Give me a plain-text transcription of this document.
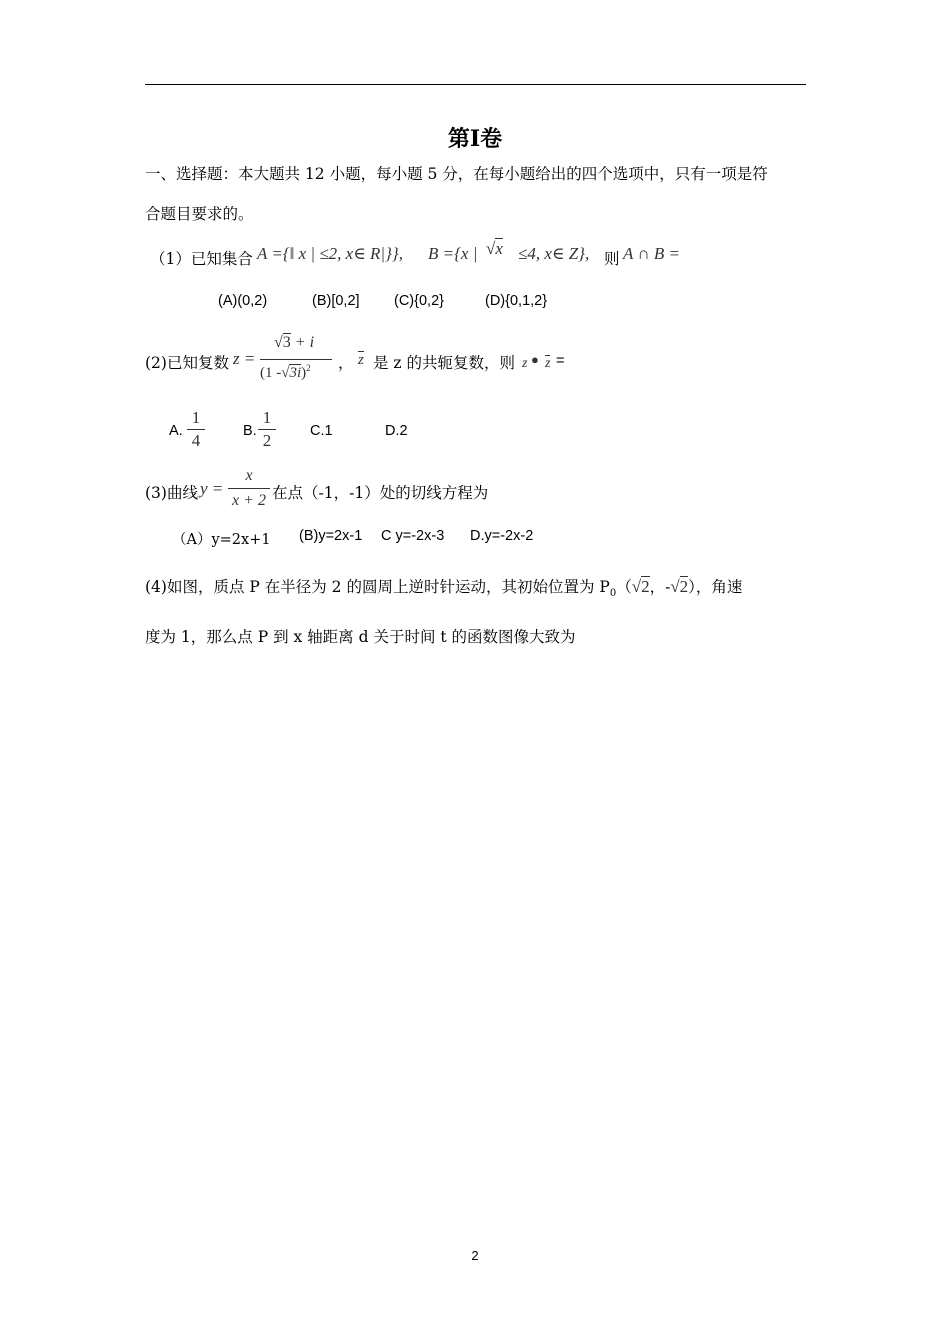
第Ⅰ卷
一、选择题：本大题共 12 小题，每小题 5 分，在每小题给出的四个选项中，只有一项是符
合题目要求的。
（1）已知集合 A ={‖ x | ≤2, x∈ R|}}, B ={x | √x ≤4, x∈ Z}, 则 A ∩ B =
(A)(0,2)	(B)[0,2] (C){0,2}	(D){0,1,2}
(2)已知复数 z =
√3 + i
(1 -√3i)$^2$ ， z 是 z 的共轭复数，则 z ● z =
A.
1
4	B.
1
2	C.1	D.2
(3)曲线 y =
x
x + 2 在点（-1，-1）处的切线方程为
（A）y=2x+1 (B)y=2x-1 C y=-2x-3 D.y=-2x-2
(4)如图，质点 P 在半径为 2 的圆周上逆时针运动，其初始位置为 $P_0(√2$，-√2），角速
度为 1，那么点 P 到 x 轴距离 d 关于时间 t 的函数图像大致为
2
